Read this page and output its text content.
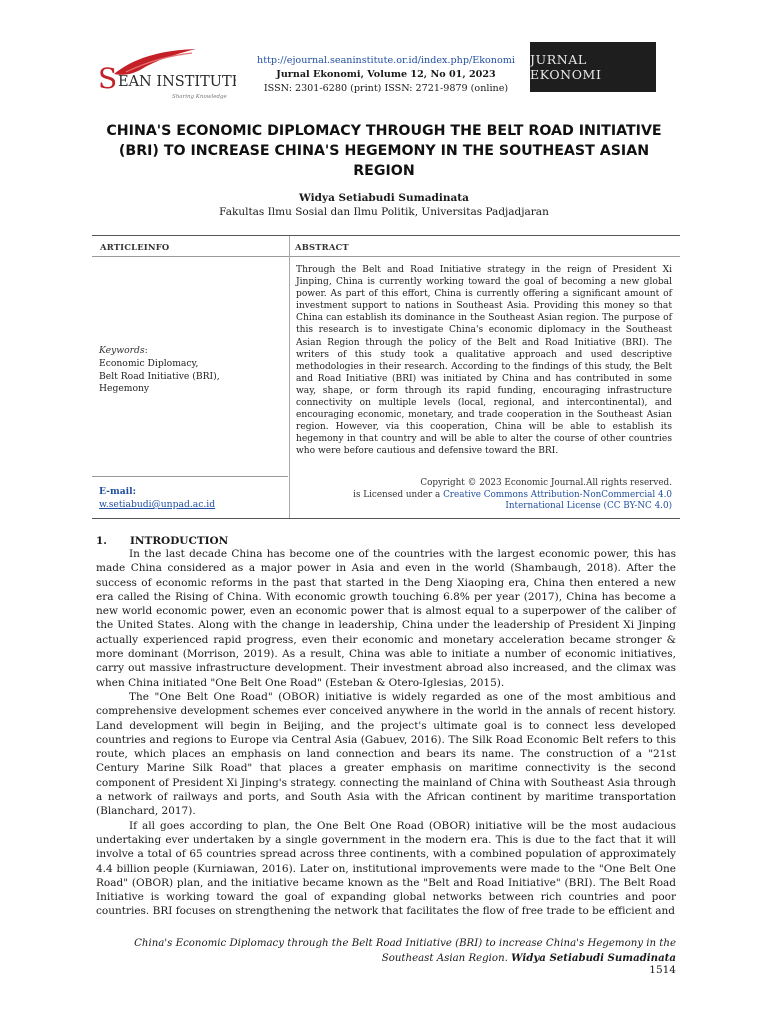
S EAN INSTITUTE
Sharing Knowledge
http://ejournal.seaninstitute.or.id/index.php/Ekonomi
Jurnal Ekonomi, Volume 12, No 01, 2023
ISSN: 2301-6280 (print) ISSN: 2721-9879 (online)
JURNAL EKONOMI
CHINA'S ECONOMIC DIPLOMACY THROUGH THE BELT ROAD INITIATIVE (BRI) TO INCREASE CHINA'S HEGEMONY IN THE SOUTHEAST ASIAN REGION
Widya Setiabudi Sumadinata
Fakultas Ilmu Sosial dan Ilmu Politik, Universitas Padjadjaran
ARTICLEINFO	ABSTRACT
Keywords:
Economic Diplomacy,
Belt Road Initiative (BRI),
Hegemony
Through the Belt and Road Initiative strategy in the reign of President Xi Jinping, China is currently working toward the goal of becoming a new global power. As part of this effort, China is currently offering a significant amount of investment support to nations in Southeast Asia. Providing this money so that China can establish its dominance in the Southeast Asian region. The purpose of this research is to investigate China's economic diplomacy in the Southeast Asian Region through the policy of the Belt and Road Initiative (BRI). The writers of this study took a qualitative approach and used descriptive methodologies in their research. According to the findings of this study, the Belt and Road Initiative (BRI) was initiated by China and has contributed in some way, shape, or form through its rapid funding, encouraging infrastructure connectivity on multiple levels (local, regional, and intercontinental), and encouraging economic, monetary, and trade cooperation in the Southeast Asian region. However, via this cooperation, China will be able to establish its hegemony in that country and will be able to alter the course of other countries who were before cautious and defensive toward the BRI.
E-mail:
w.setiabudi@unpad.ac.id
Copyright © 2023 Economic Journal.All rights reserved.
is Licensed under a Creative Commons Attribution-NonCommercial 4.0
International License (CC BY-NC 4.0)
1. INTRODUCTION

In the last decade China has become one of the countries with the largest economic power, this has made China considered as a major power in Asia and even in the world (Shambaugh, 2018). After the success of economic reforms in the past that started in the Deng Xiaoping era, China then entered a new era called the Rising of China. With economic growth touching 6.8% per year (2017), China has become a new world economic power, even an economic power that is almost equal to a superpower of the caliber of the United States. Along with the change in leadership, China under the leadership of President Xi Jinping actually experienced rapid progress, even their economic and monetary acceleration became stronger & more dominant (Morrison, 2019). As a result, China was able to initiate a number of economic initiatives, carry out massive infrastructure development. Their investment abroad also increased, and the climax was when China initiated "One Belt One Road" (Esteban & Otero-Iglesias, 2015).

The "One Belt One Road" (OBOR) initiative is widely regarded as one of the most ambitious and comprehensive development schemes ever conceived anywhere in the world in the annals of recent history. Land development will begin in Beijing, and the project's ultimate goal is to connect less developed countries and regions to Europe via Central Asia (Gabuev, 2016). The Silk Road Economic Belt refers to this route, which places an emphasis on land connection and bears its name. The construction of a "21st Century Marine Silk Road" that places a greater emphasis on maritime connectivity is the second component of President Xi Jinping's strategy. connecting the mainland of China with Southeast Asia through a network of railways and ports, and South Asia with the African continent by maritime transportation (Blanchard, 2017).

If all goes according to plan, the One Belt One Road (OBOR) initiative will be the most audacious undertaking ever undertaken by a single government in the modern era. This is due to the fact that it will involve a total of 65 countries spread across three continents, with a combined population of approximately 4.4 billion people (Kurniawan, 2016). Later on, institutional improvements were made to the "One Belt One Road" (OBOR) plan, and the initiative became known as the "Belt and Road Initiative" (BRI). The Belt Road Initiative is working toward the goal of expanding global networks between rich countries and poor countries. BRI focuses on strengthening the network that facilitates the flow of free trade to be efficient and

China's Economic Diplomacy through the Belt Road Initiative (BRI) to increase China's Hegemony in the Southeast Asian Region. Widya Setiabudi Sumadinata
1514
